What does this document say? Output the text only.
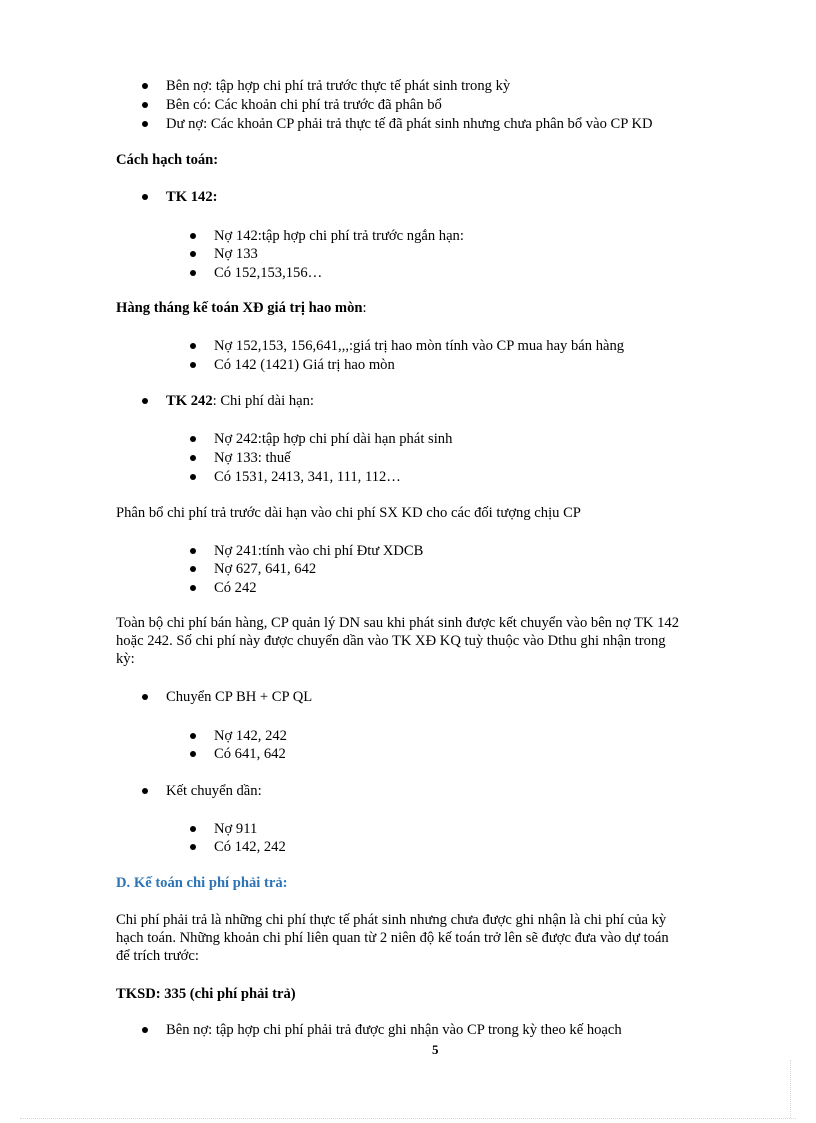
Bên nợ: tập hợp chi phí trả trước thực tế phát sinh trong kỳ
Bên có: Các khoản chi phí trả trước đã phân bổ
Dư nợ: Các khoản CP phải trả thực tế đã phát sinh nhưng chưa phân bổ vào CP KD
Cách hạch toán:
TK 142:
Nợ 142:tập hợp chi phí trả trước ngắn hạn:
Nợ 133
Có 152,153,156…
Hàng tháng kế toán XĐ giá trị hao mòn:
Nợ 152,153, 156,641,,,:giá trị hao mòn tính vào CP mua hay bán hàng
Có 142 (1421) Giá trị hao mòn
TK 242: Chi phí dài hạn:
Nợ 242:tập hợp chi phí dài hạn phát sinh
Nợ 133: thuế
Có 1531, 2413, 341, 111, 112…
Phân bổ chi phí trả trước dài hạn vào chi phí SX KD cho các đối tượng chịu CP
Nợ 241:tính vào chi phí Đtư XDCB
Nợ 627, 641, 642
Có 242
Toàn bộ chi phí bán hàng, CP quản lý DN sau khi phát sinh được kết chuyển vào bên nợ TK 142
hoặc 242. Số chi phí này được chuyển dần vào TK XĐ KQ tuỳ thuộc vào Dthu ghi nhận trong
kỳ:
Chuyển CP BH + CP QL
Nợ 142, 242
Có 641, 642
Kết chuyển dần:
Nợ 911
Có 142, 242
D. Kế toán chi phí phải trả:
Chi phí phải trả là những chi phí thực tế phát sinh nhưng chưa được ghi nhận là chi phí của kỳ
hạch toán. Những khoản chi phí liên quan từ 2 niên độ kế toán trở lên sẽ được đưa vào dự toán
để trích trước:
TKSD: 335 (chi phí phải trả)
Bên nợ: tập hợp chi phí phải trả được ghi nhận vào CP trong kỳ theo kế hoạch
5
